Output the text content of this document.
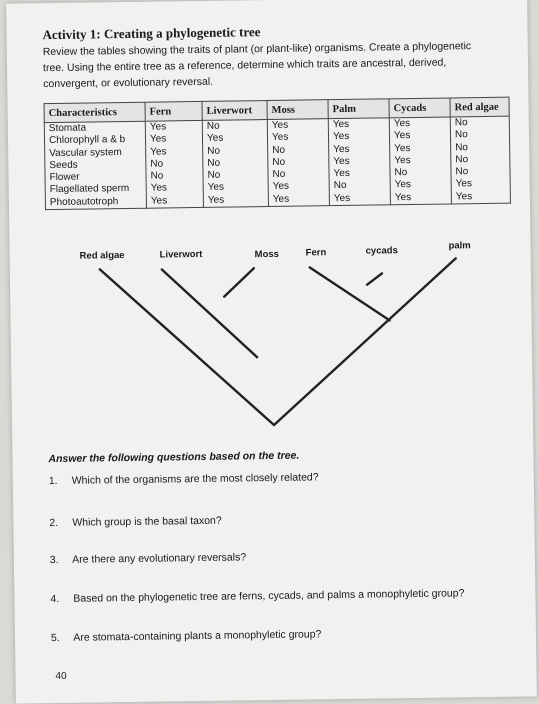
Activity 1: Creating a phylogenetic tree
Review the tables showing the traits of plant (or plant-like) organisms. Create a phylogenetic tree. Using the entire tree as a reference, determine which traits are ancestral, derived, convergent, or evolutionary reversal.
Characteristics	Fern	Liverwort	Moss	Palm	Cycads	Red algae
Stomata	Yes	No	Yes	Yes	Yes	No
Chlorophyll a & b	Yes	Yes	Yes	Yes	Yes	No
Vascular system	Yes	No	No	Yes	Yes	No
Seeds	No	No	No	Yes	Yes	No
Flower	No	No	No	Yes	No	No
Flagellated sperm	Yes	Yes	Yes	No	Yes	Yes
Photoautotroph	Yes	Yes	Yes	Yes	Yes	Yes
Red algae	Liverwort	Moss	Fern	cycads	palm
Answer the following questions based on the tree.
1. Which of the organisms are the most closely related?
2. Which group is the basal taxon?
3. Are there any evolutionary reversals?
4. Based on the phylogenetic tree are ferns, cycads, and palms a monophyletic group?
5. Are stomata-containing plants a monophyletic group?
40
